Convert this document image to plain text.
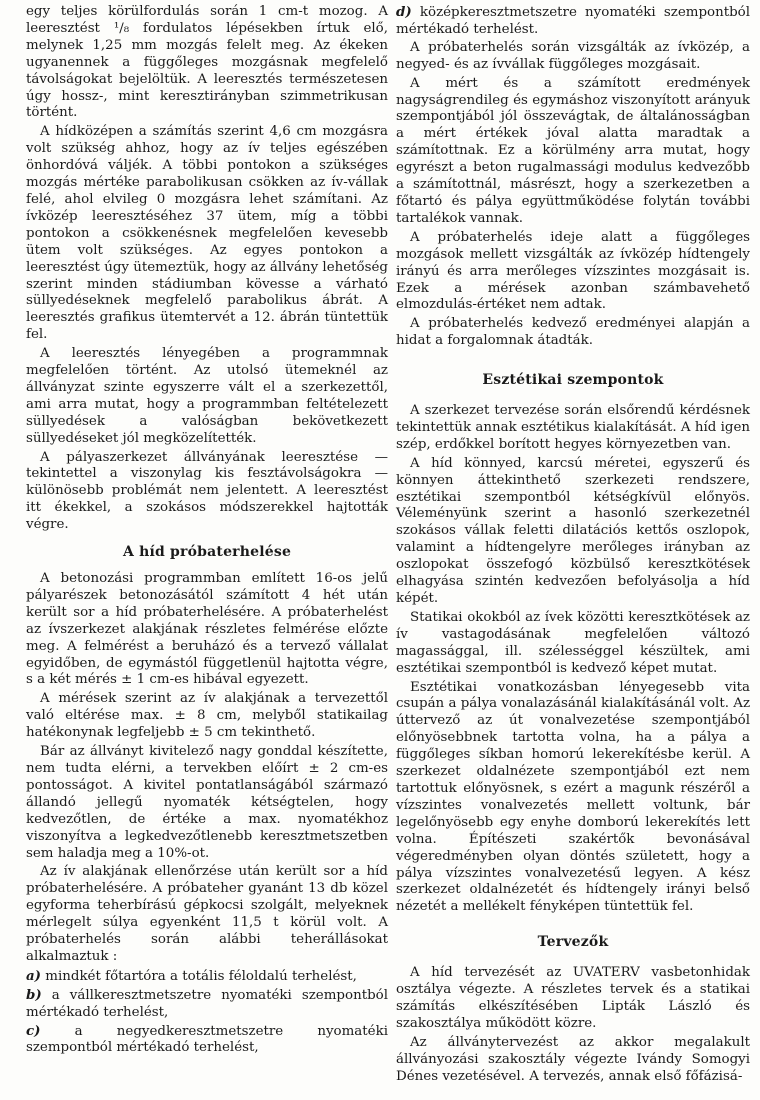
egy teljes körülfordulás során 1 cm-t mozog. A leeresztést ¹/₈ fordulatos lépésekben írtuk elő, melynek 1,25 mm mozgás felelt meg. Az ékeken ugyanennek a függőleges mozgásnak megfelelő távolságokat bejelöltük. A leeresztés természetesen úgy hossz-, mint keresztirányban szimmetrikusan történt.

A hídközépen a számítás szerint 4,6 cm mozgásra volt szükség ahhoz, hogy az ív teljes egészében önhordóvá váljék. A többi pontokon a szükséges mozgás mértéke parabolikusan csökken az ív-vállak felé, ahol elvileg 0 mozgásra lehet számítani. Az ívközép leeresztéséhez 37 ütem, míg a többi pontokon a csökkenésnek megfelelően kevesebb ütem volt szükséges. Az egyes pontokon a leeresztést úgy ütemeztük, hogy az állvány lehetőség szerint minden stádiumban kövesse a várható süllyedéseknek megfelelő parabolikus ábrát. A leeresztés grafikus ütemtervét a 12. ábrán tüntettük fel.

A leeresztés lényegében a programmnak megfelelően történt. Az utolsó ütemeknél az állványzat szinte egyszerre vált el a szerkezettől, ami arra mutat, hogy a programmban feltételezett süllyedések a valóságban bekövetkezett süllyedéseket jól megközelítették.

A pályaszerkezet állványának leeresztése — tekintettel a viszonylag kis fesztávolságokra — különösebb problémát nem jelentett. A leeresztést itt ékekkel, a szokásos módszerekkel hajtották végre.

A híd próbaterhelése

A betonozási programmban említett 16-os jelű pályarészek betonozásától számított 4 hét után került sor a híd próbaterhelésére. A próbaterhelést az ívszerkezet alakjának részletes felmérése előzte meg. A felmérést a beruházó és a tervező vállalat egyidőben, de egymástól függetlenül hajtotta végre, s a két mérés ± 1 cm-es hibával egyezett.

A mérések szerint az ív alakjának a tervezettől való eltérése max. ± 8 cm, melyből statikailag hatékonynak legfeljebb ± 5 cm tekinthető.

Bár az állványt kivitelező nagy gonddal készítette, nem tudta elérni, a tervekben előírt ± 2 cm-es pontosságot. A kivitel pontatlanságából származó állandó jellegű nyomaték kétségtelen, hogy kedvezőtlen, de értéke a max. nyomatékhoz viszonyítva a legkedvezőtlenebb keresztmetszetben sem haladja meg a 10%-ot.

Az ív alakjának ellenőrzése után került sor a híd próbaterhelésére. A próbateher gyanánt 13 db közel egyforma teherbírású gépkocsi szolgált, melyeknek mérlegelt súlya egyenként 11,5 t körül volt. A próbaterhelés során alábbi teherállásokat alkalmaztuk :

a) mindkét főtartóra a totális féloldalú terhelést,

b) a vállkeresztmetszetre nyomatéki szempontból mértékadó terhelést,

c) a negyedkeresztmetszetre nyomatéki szempontból mértékadó terhelést,

d) középkeresztmetszetre nyomatéki szempontból mértékadó terhelést.

A próbaterhelés során vizsgálták az ívközép, a negyed- és az ívvállak függőleges mozgásait.

A mért és a számított eredmények nagyságrendileg és egymáshoz viszonyított arányuk szempontjából jól összevágtak, de általánosságban a mért értékek jóval alatta maradtak a számítottnak. Ez a körülmény arra mutat, hogy egyrészt a beton rugalmassági modulus kedvezőbb a számítottnál, másrészt, hogy a szerkezetben a főtartó és pálya együttműködése folytán további tartalékok vannak.

A próbaterhelés ideje alatt a függőleges mozgások mellett vizsgálták az ívközép hídtengely irányú és arra merőleges vízszintes mozgásait is. Ezek a mérések azonban számbavehető elmozdulás-értéket nem adtak.

A próbaterhelés kedvező eredményei alapján a hidat a forgalomnak átadták.

Esztétikai szempontok

A szerkezet tervezése során elsőrendű kérdésnek tekintettük annak esztétikus kialakítását. A híd igen szép, erdőkkel borított hegyes környezetben van.

A híd könnyed, karcsú méretei, egyszerű és könnyen áttekinthető szerkezeti rendszere, esztétikai szempontból kétségkívül előnyös. Véleményünk szerint a hasonló szerkezetnél szokásos vállak feletti dilatációs kettős oszlopok, valamint a hídtengelyre merőleges irányban az oszlopokat összefogó közbülső keresztkötések elhagyása szintén kedvezően befolyásolja a híd képét.

Statikai okokból az ívek közötti keresztkötések az ív vastagodásának megfelelően változó magassággal, ill. szélességgel készültek, ami esztétikai szempontból is kedvező képet mutat.

Esztétikai vonatkozásban lényegesebb vita csupán a pálya vonalazásánál kialakításánál volt. Az úttervező az út vonalvezetése szempontjából előnyösebbnek tartotta volna, ha a pálya a függőleges síkban homorú lekerekítésbe kerül. A szerkezet oldalnézete szempontjából ezt nem tartottuk előnyösnek, s ezért a magunk részéről a vízszintes vonalvezetés mellett voltunk, bár legelőnyösebb egy enyhe domború lekerekítés lett volna. Építészeti szakértők bevonásával végeredményben olyan döntés született, hogy a pálya vízszintes vonalvezetésű legyen. A kész szerkezet oldalnézetét és hídtengely irányi belső nézetét a mellékelt fényképen tüntettük fel.

Tervezők

A híd tervezését az UVATERV vasbetonhidak osztálya végezte. A részletes tervek és a statikai számítás elkészítésében Lipták László és szakosztálya működött közre.

Az állványtervezést az akkor megalakult állványozási szakosztály végezte Ivándy Somogyi Dénes vezetésével. A tervezés, annak első főfázisá-
